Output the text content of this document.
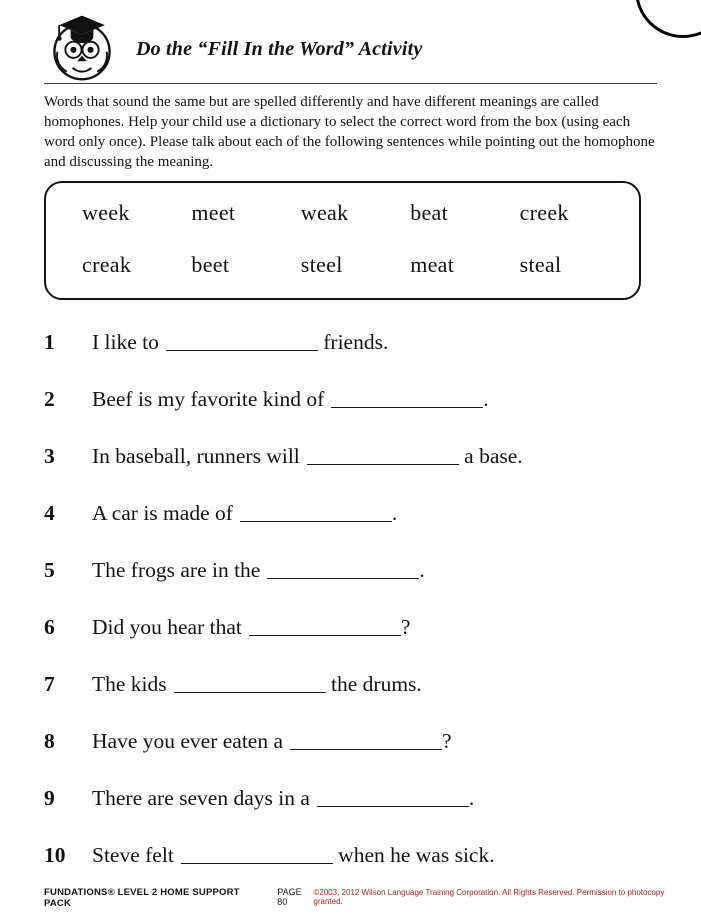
Do the “Fill In the Word” Activity

Words that sound the same but are spelled differently and have different meanings are called homophones. Help your child use a dictionary to select the correct word from the box (using each word only once). Please talk about each of the following sentences while pointing out the homophone and discussing the meaning.

week	meet	weak	beat	creek
creak	beet	steel	meat	steal
1 I like to	friends.
2 Beef is my favorite kind of	.
3 In baseball, runners will	a base.
4 A car is made of	.
5 The frogs are in the	.
6 Did you hear that	?
7 The kids	the drums.
8 Have you ever eaten a	?
9 There are seven days in a	.
10 Steve felt	when he was sick.
FUNDATIONS® LEVEL 2 HOME SUPPORT PACK
PAGE 80
©2003, 2012 Wilson Language Training Corporation. All Rights Reserved. Permission to photocopy granted.
